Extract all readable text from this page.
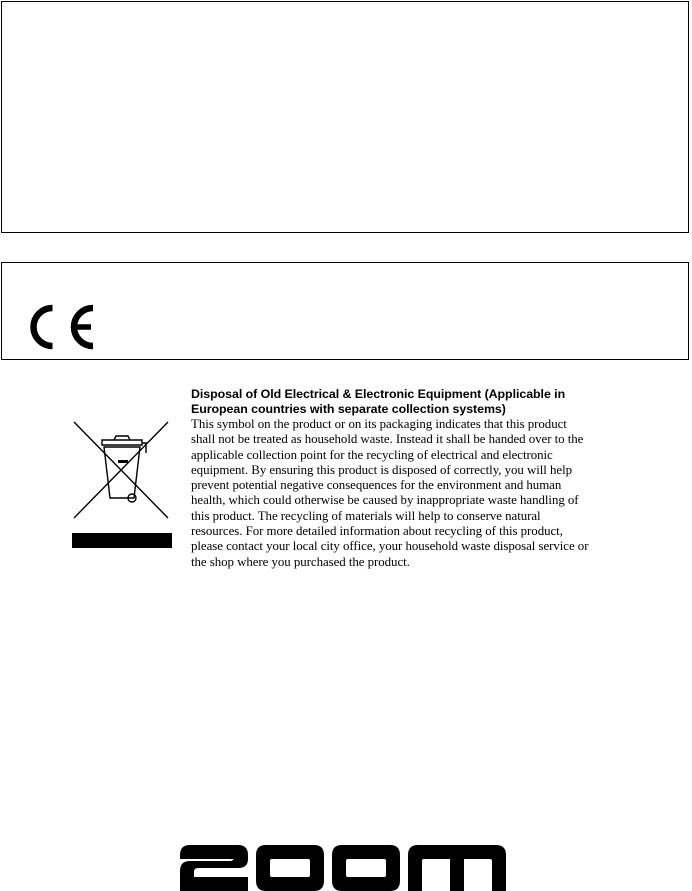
Disposal of Old Electrical & Electronic Equipment (Applicable in
European countries with separate collection systems)

This symbol on the product or on its packaging indicates that this product
shall not be treated as household waste. Instead it shall be handed over to the
applicable collection point for the recycling of electrical and electronic
equipment. By ensuring this product is disposed of correctly, you will help
prevent potential negative consequences for the environment and human
health, which could otherwise be caused by inappropriate waste handling of
this product. The recycling of materials will help to conserve natural
resources. For more detailed information about recycling of this product,
please contact your local city office, your household waste disposal service or
the shop where you purchased the product.
